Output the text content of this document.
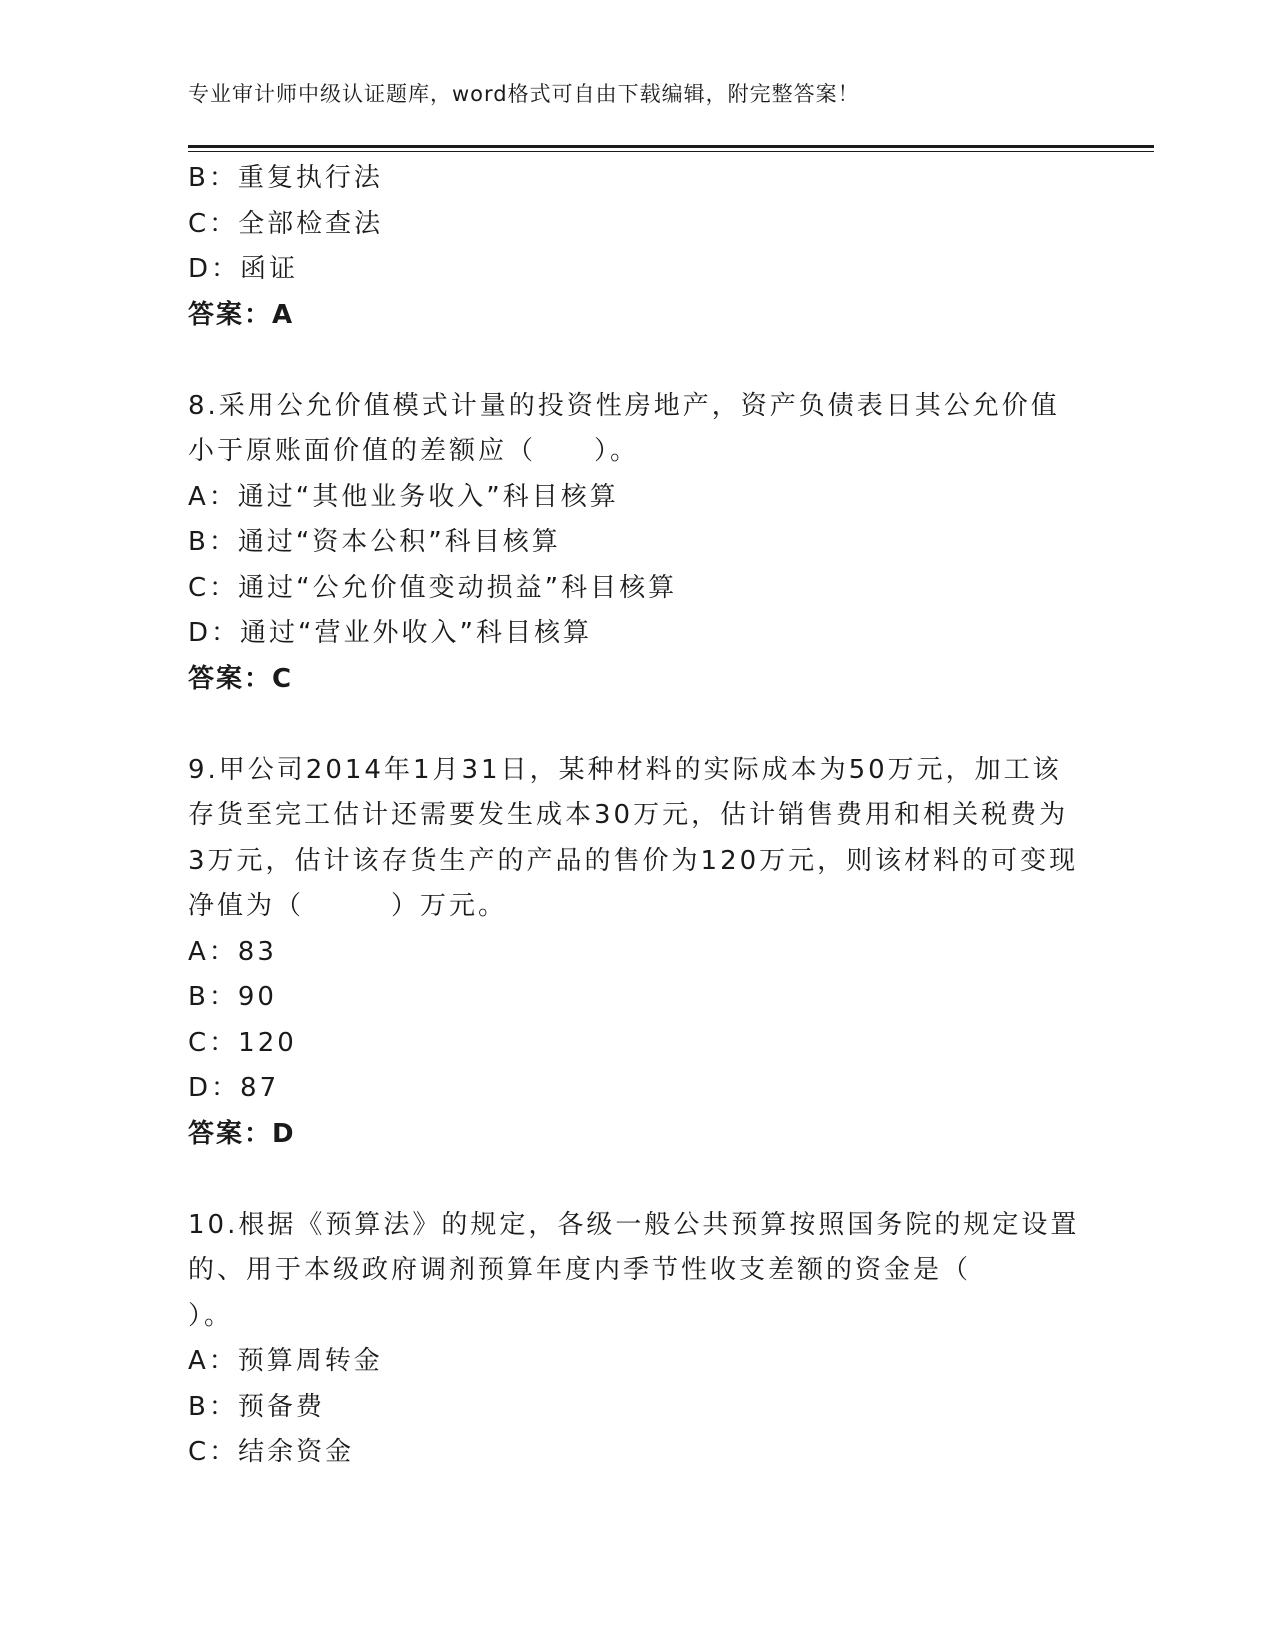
专业审计师中级认证题库，word格式可自由下载编辑，附完整答案！
B：重复执行法
C：全部检查法
D：函证
答案：A
8.采用公允价值模式计量的投资性房地产，资产负债表日其公允价值
小于原账面价值的差额应（　　）。
A：通过“其他业务收入”科目核算
B：通过“资本公积”科目核算
C：通过“公允价值变动损益”科目核算
D：通过“营业外收入”科目核算
答案：C
9.甲公司2014年1月31日，某种材料的实际成本为50万元，加工该
存货至完工估计还需要发生成本30万元，估计销售费用和相关税费为
3万元，估计该存货生产的产品的售价为120万元，则该材料的可变现
净值为（　　　）万元。
A：83
B：90
C：120
D：87
答案：D
10.根据《预算法》的规定，各级一般公共预算按照国务院的规定设置
的、用于本级政府调剂预算年度内季节性收支差额的资金是（
）。
A：预算周转金
B：预备费
C：结余资金
